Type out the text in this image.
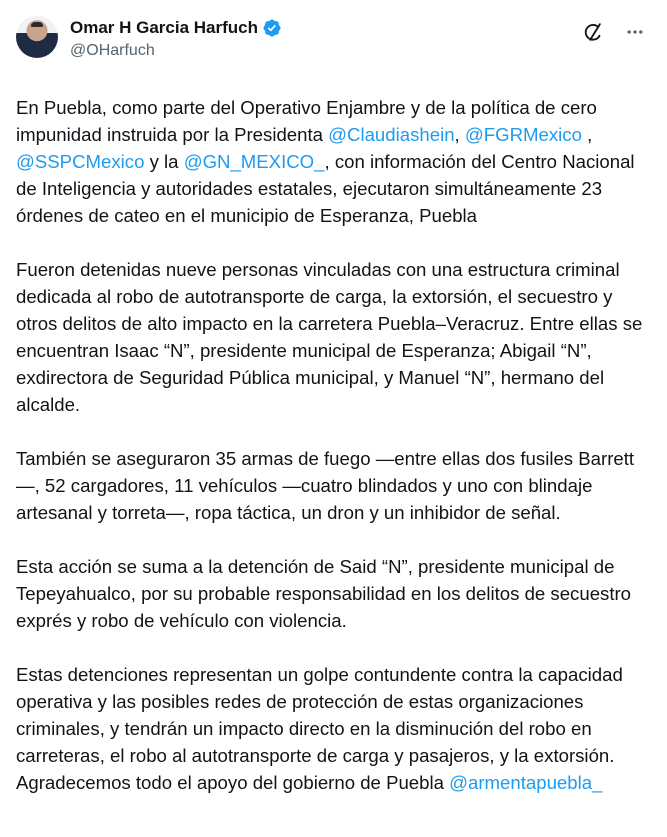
Omar H Garcia Harfuch
@OHarfuch

En Puebla, como parte del Operativo Enjambre y de la política de cero impunidad instruida por la Presidenta @Claudiashein, @FGRMexico , @SSPCMexico y la @GN_MEXICO_, con información del Centro Nacional de Inteligencia y autoridades estatales, ejecutaron simultáneamente 23 órdenes de cateo en el municipio de Esperanza, Puebla

Fueron detenidas nueve personas vinculadas con una estructura criminal dedicada al robo de autotransporte de carga, la extorsión, el secuestro y otros delitos de alto impacto en la carretera Puebla–Veracruz. Entre ellas se encuentran Isaac “N”, presidente municipal de Esperanza; Abigail “N”, exdirectora de Seguridad Pública municipal, y Manuel “N”, hermano del alcalde.

También se aseguraron 35 armas de fuego —entre ellas dos fusiles Barrett—, 52 cargadores, 11 vehículos —cuatro blindados y uno con blindaje artesanal y torreta—, ropa táctica, un dron y un inhibidor de señal.

Esta acción se suma a la detención de Said “N”, presidente municipal de Tepeyahualco, por su probable responsabilidad en los delitos de secuestro exprés y robo de vehículo con violencia.

Estas detenciones representan un golpe contundente contra la capacidad operativa y las posibles redes de protección de estas organizaciones criminales, y tendrán un impacto directo en la disminución del robo en carreteras, el robo al autotransporte de carga y pasajeros, y la extorsión.

Agradecemos todo el apoyo del gobierno de Puebla @armentapuebla_
